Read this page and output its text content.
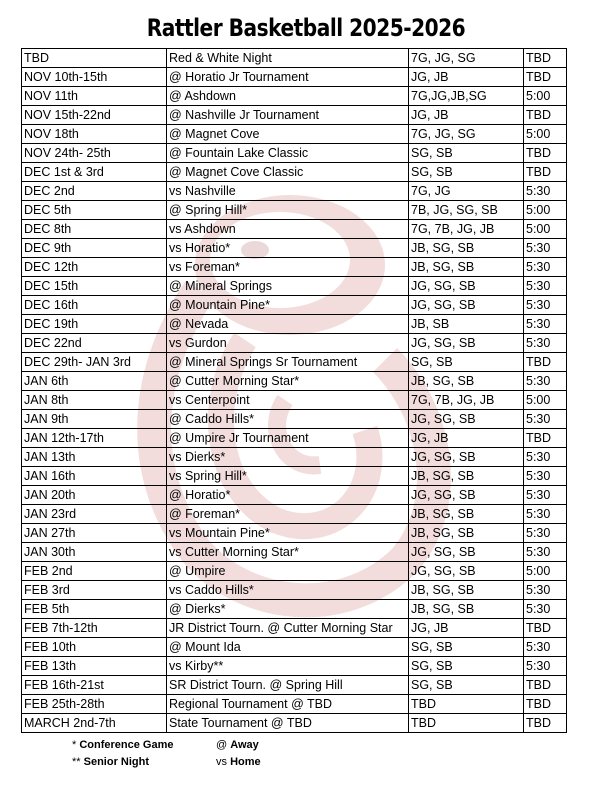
Rattler Basketball 2025-2026
TBD	Red & White Night	7G, JG, SG	TBD
NOV 10th-15th	@ Horatio Jr Tournament	JG, JB	TBD
NOV 11th	@ Ashdown	7G,JG,JB,SG	5:00
NOV 15th-22nd	@ Nashville Jr Tournament	JG, JB	TBD
NOV 18th	@ Magnet Cove	7G, JG, SG	5:00
NOV 24th- 25th	@ Fountain Lake Classic	SG, SB	TBD
DEC 1st & 3rd	@ Magnet Cove Classic	SG, SB	TBD
DEC 2nd	vs Nashville	7G, JG	5:30
DEC 5th	@ Spring Hill*	7B, JG, SG, SB	5:00
DEC 8th	vs Ashdown	7G, 7B, JG, JB	5:00
DEC 9th	vs Horatio*	JB, SG, SB	5:30
DEC 12th	vs Foreman*	JB, SG, SB	5:30
DEC 15th	@ Mineral Springs	JG, SG, SB	5:30
DEC 16th	@ Mountain Pine*	JG, SG, SB	5:30
DEC 19th	@ Nevada	JB, SB	5:30
DEC 22nd	vs Gurdon	JG, SG, SB	5:30
DEC 29th- JAN 3rd	@ Mineral Springs Sr Tournament	SG, SB	TBD
JAN 6th	@ Cutter Morning Star*	JB, SG, SB	5:30
JAN 8th	vs Centerpoint	7G, 7B, JG, JB	5:00
JAN 9th	@ Caddo Hills*	JG, SG, SB	5:30
JAN 12th-17th	@ Umpire Jr Tournament	JG, JB	TBD
JAN 13th	vs Dierks*	JG, SG, SB	5:30
JAN 16th	vs Spring Hill*	JB, SG, SB	5:30
JAN 20th	@ Horatio*	JG, SG, SB	5:30
JAN 23rd	@ Foreman*	JB, SG, SB	5:30
JAN 27th	vs Mountain Pine*	JB, SG, SB	5:30
JAN 30th	vs Cutter Morning Star*	JG, SG, SB	5:30
FEB 2nd	@ Umpire	JG, SG, SB	5:00
FEB 3rd	vs Caddo Hills*	JB, SG, SB	5:30
FEB 5th	@ Dierks*	JB, SG, SB	5:30
FEB 7th-12th	JR District Tourn. @ Cutter Morning Star	JG, JB	TBD
FEB 10th	@ Mount Ida	SG, SB	5:30
FEB 13th	vs Kirby**	SG, SB	5:30
FEB 16th-21st	SR District Tourn. @ Spring Hill	SG, SB	TBD
FEB 25th-28th	Regional Tournament @ TBD	TBD	TBD
MARCH 2nd-7th	State Tournament @ TBD	TBD	TBD
* Conference Game	@ Away
** Senior Night	vs Home
